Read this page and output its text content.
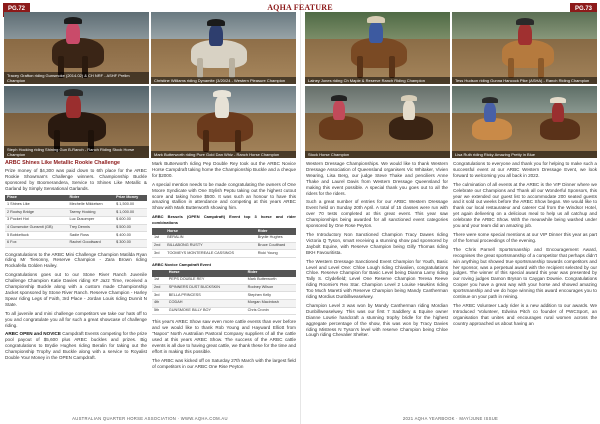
PG.72
Tracey Grafton riding Gunsmoke (2014.02) & CH NRF - ASHF Prelim Champion	Christine Williams riding Dynamite (3/20/24 - Western Pleasure Champion
Steph Hocking riding Shining Gun B-Ranch - Ranch Riding Stock Horse Champion	Mark Butterworth riding Pure Gold Dan Whiz - Ranch Horse Champion
ARBC Shines Like Metallic Rookie Challenge

Prize money of $4,300 was paid down to 6th place for the ARBC Rookie Showman's Challenge winners. Championship Buckle sponsored by Boomerandera, Service to Shines Like Metallic & Garland by Simply Sensational Garlands.

Place	Rider	Prize Money
1 Shines Like	Mechelle Mikkelsen	$ 1,500.00
2 Rootsy Bridge	Taemy Hocking	$ 1,000.00
3 Pocket Hot	Luc Dusomper	$ 600.00
4 Gunsmoke Gunsmit (GB)	Trey Dennis	$ 500.00
5 Bobkeltuck	Sadie Ross	$ 400.00
6 Fox	Rachel Goodiward	$ 300.00

Congratulations to the ARBC Mini Challenge Champion Matilda Ryan riding Mr Tiesonny, Reserve Champion - Zara Brown riding Rockafella Golden Hailey.

Congratulations goes out to our Stone River Ranch Juvenile Challenge Champion Katie Davies riding KF Jazz Time, received a Championship Buckle along with a custom made Championship Jacket sponsored by Stone River Ranch. Reserve Champion - Harley Spear riding Legs of Faith, 3rd Place - Jordan Louis riding Dunnit N State.

To all juvenile and mini challenge competitors we take our hats off to you and congratulate you all for such a great showcase of challenge riding.

ARBC OPEN and NOVICE Campdraft Events competing for the prize pool payout of $5,600 plus ARBC buckles and prizes. Big congratulations to Brydie Hughes riding Beralin for taking out the Championship Trophy and Buckle along with a service to Royalist Double Your Money in the OPEN Campdraft.

Mark Butterworth riding Pep Double Rey took out the ARBC Novice Horse Campdraft taking home the Championship Buckle and a cheque for $2000.

A special mention needs to be made congratulating the owners of One Moore Syndicate with One Stylish Peptu taking out the highest cutout score and taking home $500. It was such an honour to have this amazing stallion in attendance and competing at this years ARBC Show with Mark Butterworth showing him.

ARBC Bessels (OPEN Campdraft) Event top 3 horse and rider combinations
	Horse	Rider
1st	BERALIN	Brydie Hughes
2nd	BILLABONG RUSTY	Bruce Coulthard
3rd	TOOMEYS MONTEREALE CASSINOS	Ricki Young
ARBC Novice Campdraft Event
	Horse	Rider
1st	PEPS DOUBLE REY	Mark Butterworth
2nd	SPINNERS DUST BUCKSKIN	Rodney Wilson
3rd	BELLA PRINCESS	Stephen Kelly
4th	CODAH	Morgan Macintosh
5th	GUNSMOKE BILLY BOY	Chris Cronin

This year's ARBC Show saw even more cattle events than ever before and we would like to thank Rob Young and Hayward Elliott from "Napoo" North Australian Pastoral Company suppliers of all the cattle used at this years ARBC Show. The success of the ARBC cattle events is all due to having great cattle, we thank these for the time and effort in making this possible.

The ARBC was kicked off on Saturday 27th March with the largest field of competitors in our ARBC One Rise Peyton

AUSTRALIAN QUARTER HORSE ASSOCIATION · WWW.AQHA.COM.AU
PG.73
Lainey Jones riding Ch Maple & Reserve Ranch Riding Champion	Tess Hudson riding Gunna Hancock Pike (ASHA) - Ranch Riding Champion
Stock Horse Champion	Lisa Ruth riding Ricky Amazing Pretty in Blue

Western Dressage Championships. We would like to thank Western Dressage Association of Queensland organisers Vic Whitaker, Vivien Wearing, Lisa Berg, our judge Steve Thake and penciliers Anne Thake and Laurel Davis from Western Dressage Queensland for making this event possible. A special thank you goes out to all the riders for the riders.

Such a great number of entries for our ARBC Western Dressage Event held on Sunday 20th April. A total of 15 classes were run with over 70 tests completed at this great event. This year saw Championships being awarded for all sanctioned event categories sponsored by One Rose Peyton.

The Introductory Non Sanctioned Champion Tracy Dawes riding Victoria Q Tyson, smart receiving a stunning show pad sponsored by Jaybolt Equine, with Reserve Champion being Gilly Thomas riding BKH Favouritista.

The Western Dressage Sanctioned Event Champion for Youth, Basic Level and Level One: Chloe Lough riding Chivalien, congratulations Chloe. Reserve Champion for Basic Level being Dianna Lamy riding Tally S. Clydefield; Level One Reserve Champion Teresa Reeve riding Roomie's Rex Star. Champion Level 2 Louise Hawkins riding Too Much Maretti with Reserve Champion being Mandy Cantherman riding Mordius Dunbillweaselwey.

Champion Level 3 was won by Mandy Cantherman riding Mordian Dunbillweaselwey. This was our first 7 Saddlery & Equine owner Dianne Lowrie handcraft a stunning trophy bridle for the highest aggregate percentage of the show, this was won by Tracy Davies riding Mistress N Tyson's level with reserve Champion being Chloe Lough riding Chevalier Shelter.

Congratulations to everyone and thank you for helping to make such a successful event at our ARBC Western Dressage Event, we look forward to welcoming you all back in 2022.

The culmination of all events at the ARBC is the VIP Dinner where we Celebrate our Champions and Thank all our Wonderful Sponsors, this year we extended our guest list to accommodate 200 seated guests and it sold out weeks before the ARBC Show began. We would like to thank our local restaurateur and caterer Cal from the Windsor Hotel, yet again delivering on a delicious meal to help us all catchup and celebrate the ARBC Show. With the meanwhile being washed under you and your team did an amazing job.

There were some special mentions at our VIP Dinner this year as part of the formal proceedings of the evening.

The Chris Parnell Sportsmanship and Encouragement Award, recognises the great sportsmanship of a competitor that perhaps didn't win anything but showed true sportsmanship towards competitors and her sponsor, was a perpetual award with the recipient selected by our judges. The winner of this special award this year was presented by our roving judges Damon Bryson to Caygan Downie. Congratulations Cooper you have a great way with your horse and showed amazing sportsmanship and we do hope winning this award encourages you to continue on your path in reining.

The ARBC Volunteer Lady rider is a new addition to our awards. We Introduced 'Volunteer, Edwina Pitch co founder of PWCSport, an organisation that unites and encourages rural women across the country approached us about having an

2021 AQHA YEARBOOK · MAY/JUNE ISSUE
AQHA FEATURE
